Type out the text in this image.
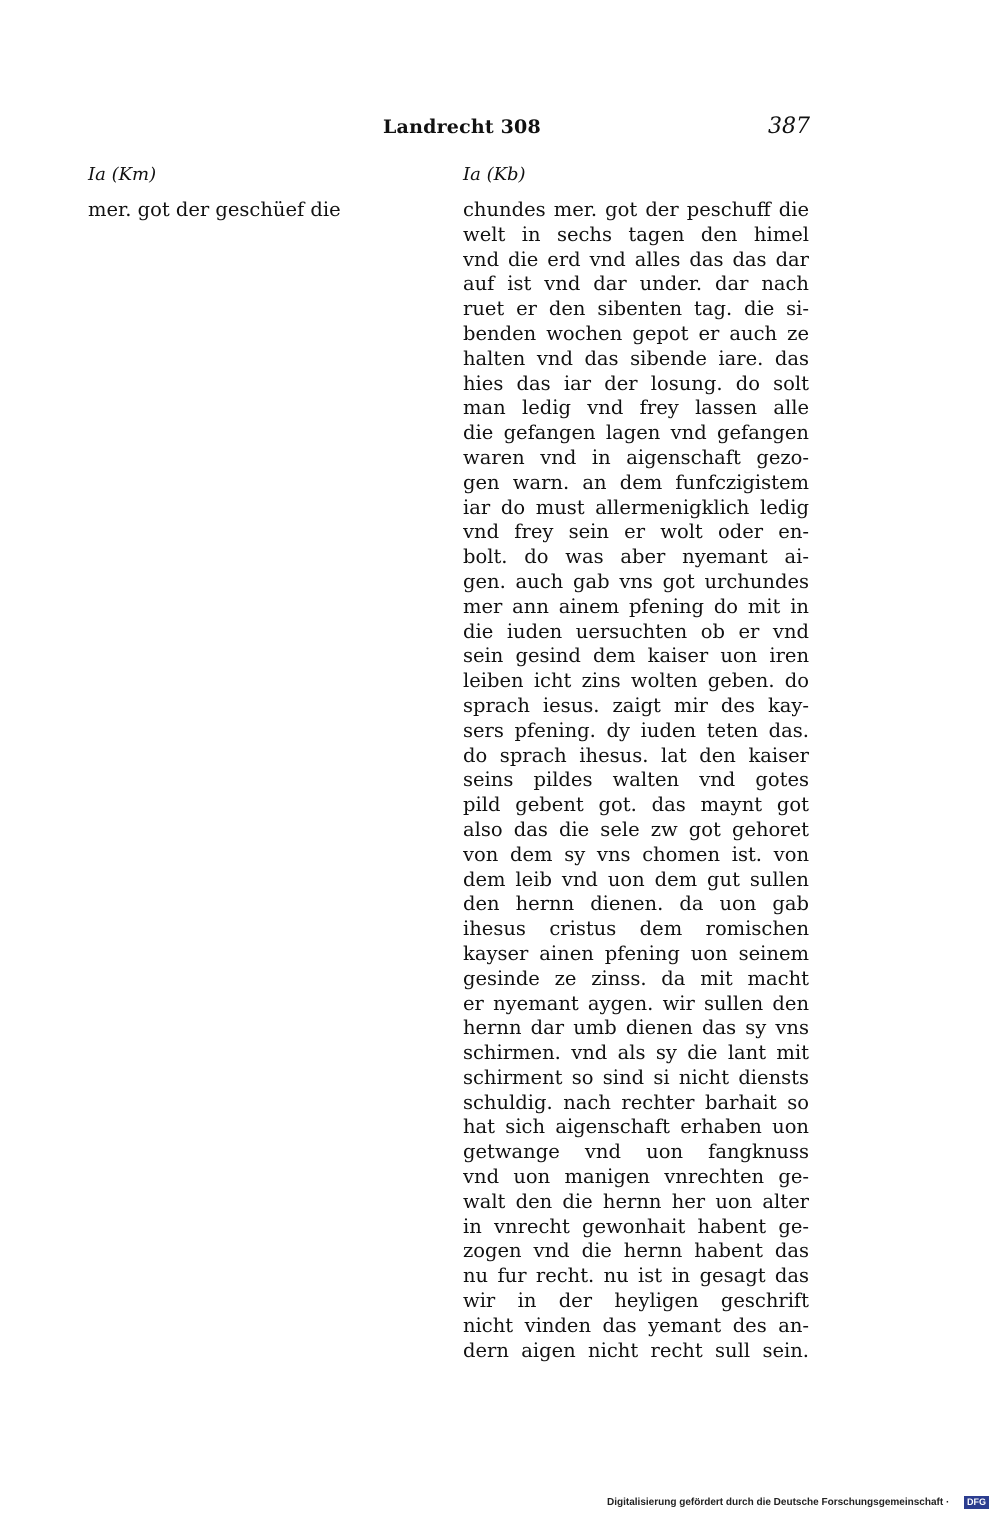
Landrecht 308	387
Ia (Km)	Ia (Kb)
mer. got der geschüef die	chundes mer. got der peschuff die
welt in sechs tagen den himel
vnd die erd vnd alles das das dar
auf ist vnd dar under. dar nach
ruet er den sibenten tag. die si-
benden wochen gepot er auch ze
halten vnd das sibende iare. das
hies das iar der losung. do solt
man ledig vnd frey lassen alle
die gefangen lagen vnd gefangen
waren vnd in aigenschaft gezo-
gen warn. an dem funfczigistem
iar do must allermenigklich ledig
vnd frey sein er wolt oder en-
bolt. do was aber nyemant ai-
gen. auch gab vns got urchundes
mer ann ainem pfening do mit in
die iuden uersuchten ob er vnd
sein gesind dem kaiser uon iren
leiben icht zins wolten geben. do
sprach iesus. zaigt mir des kay-
sers pfening. dy iuden teten das.
do sprach ihesus. lat den kaiser
seins pildes walten vnd gotes
pild gebent got. das maynt got
also das die sele zw got gehoret
von dem sy vns chomen ist. von
dem leib vnd uon dem gut sullen
den hernn dienen. da uon gab
ihesus cristus dem romischen
kayser ainen pfening uon seinem
gesinde ze zinss. da mit macht
er nyemant aygen. wir sullen den
hernn dar umb dienen das sy vns
schirmen. vnd als sy die lant mit
schirment so sind si nicht diensts
schuldig. nach rechter barhait so
hat sich aigenschaft erhaben uon
getwange vnd uon fangknuss
vnd uon manigen vnrechten ge-
walt den die hernn her uon alter
in vnrecht gewonhait habent ge-
zogen vnd die hernn habent das
nu fur recht. nu ist in gesagt das
wir in der heyligen geschrift
nicht vinden das yemant des an-
dern aigen nicht recht sull sein.
Digitalisierung gefördert durch die Deutsche Forschungsgemeinschaft ·	DFG
